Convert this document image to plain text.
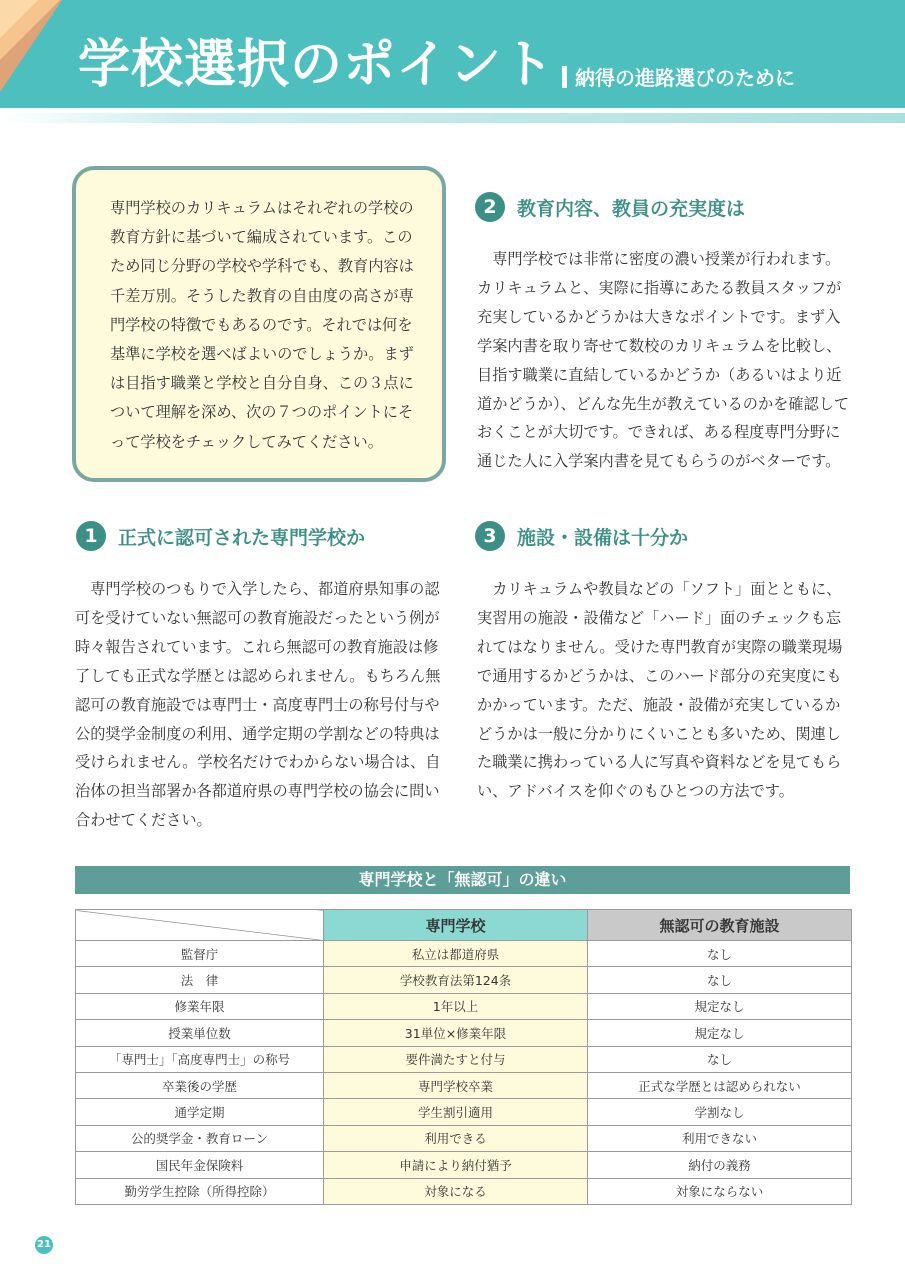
学校選択のポイント 納得の進路選びのために
専門学校のカリキュラムはそれぞれの学校の教育方針に基づいて編成されています。このため同じ分野の学校や学科でも、教育内容は千差万別。そうした教育の自由度の高さが専門学校の特徴でもあるのです。それでは何を基準に学校を選べばよいのでしょうか。まずは目指す職業と学校と自分自身、この３点について理解を深め、次の７つのポイントにそって学校をチェックしてみてください。
1	正式に認可された専門学校か

専門学校のつもりで入学したら、都道府県知事の認可を受けていない無認可の教育施設だったという例が時々報告されています。これら無認可の教育施設は修了しても正式な学歴とは認められません。もちろん無認可の教育施設では専門士・高度専門士の称号付与や公的奨学金制度の利用、通学定期の学割などの特典は受けられません。学校名だけでわからない場合は、自治体の担当部署か各都道府県の専門学校の協会に問い合わせてください。

2	教育内容、教員の充実度は

専門学校では非常に密度の濃い授業が行われます。カリキュラムと、実際に指導にあたる教員スタッフが充実しているかどうかは大きなポイントです。まず入学案内書を取り寄せて数校のカリキュラムを比較し、目指す職業に直結しているかどうか（あるいはより近道かどうか）、どんな先生が教えているのかを確認しておくことが大切です。できれば、ある程度専門分野に通じた人に入学案内書を見てもらうのがベターです。

3	施設・設備は十分か

カリキュラムや教員などの「ソフト」面とともに、実習用の施設・設備など「ハード」面のチェックも忘れてはなりません。受けた専門教育が実際の職業現場で通用するかどうかは、このハード部分の充実度にもかかっています。ただ、施設・設備が充実しているかどうかは一般に分かりにくいことも多いため、関連した職業に携わっている人に写真や資料などを見てもらい、アドバイスを仰ぐのもひとつの方法です。

専門学校と「無認可」の違い
	専門学校	無認可の教育施設
監督庁	私立は都道府県	なし
法　律	学校教育法第124条	なし
修業年限	1年以上	規定なし
授業単位数	31単位×修業年限	規定なし
「専門士」「高度専門士」の称号	要件満たすと付与	なし
卒業後の学歴	専門学校卒業	正式な学歴とは認められない
通学定期	学生割引適用	学割なし
公的奨学金・教育ローン	利用できる	利用できない
国民年金保険料	申請により納付猶予	納付の義務
勤労学生控除（所得控除）	対象になる	対象にならない
21
